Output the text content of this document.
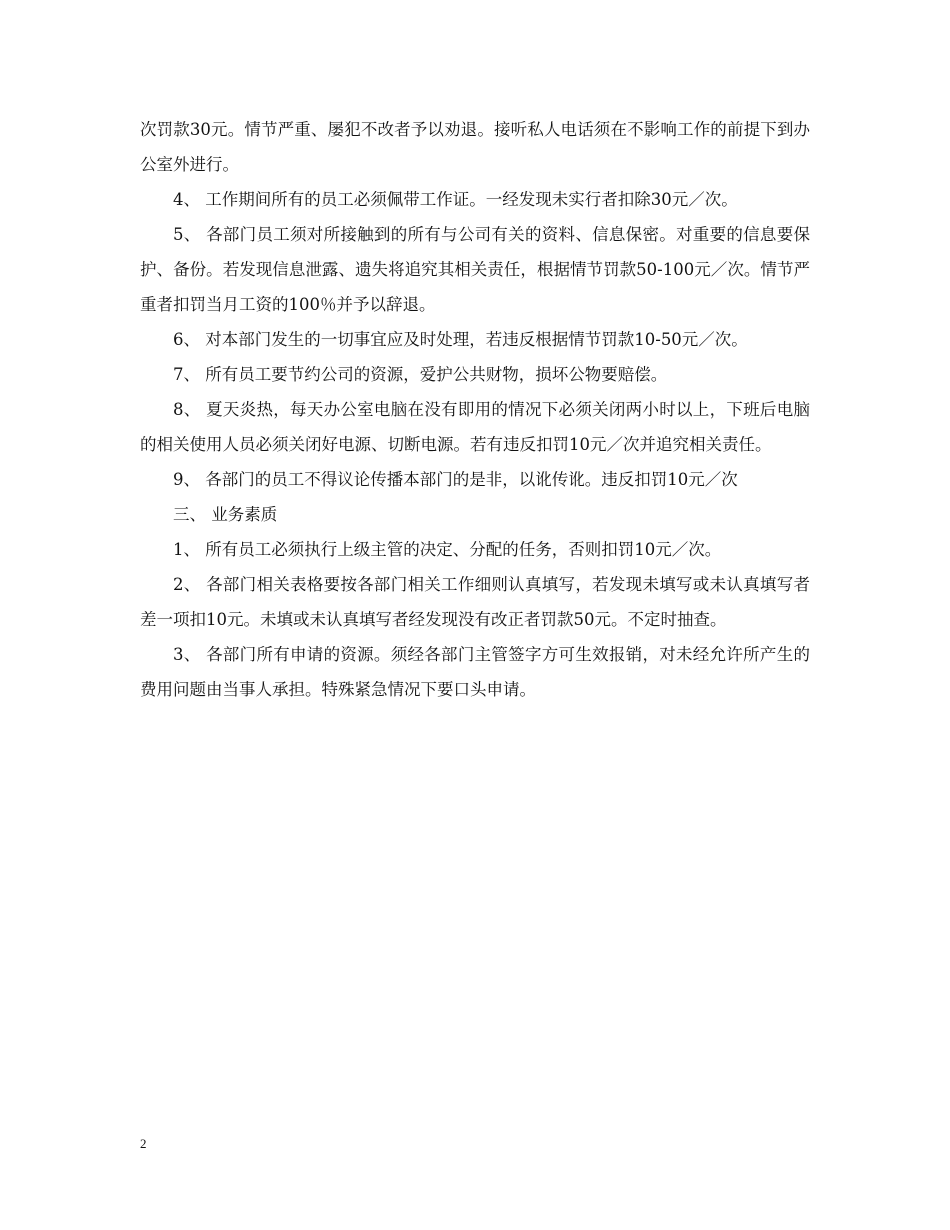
次罚款30元。情节严重、屡犯不改者予以劝退。接听私人电话须在不影响工作的前提下到办公室外进行。

4、 工作期间所有的员工必须佩带工作证。一经发现未实行者扣除30元／次。

5、 各部门员工须对所接触到的所有与公司有关的资料、信息保密。对重要的信息要保护、备份。若发现信息泄露、遗失将追究其相关责任，根据情节罚款50-100元／次。情节严重者扣罚当月工资的100％并予以辞退。

6、 对本部门发生的一切事宜应及时处理，若违反根据情节罚款10-50元／次。

7、 所有员工要节约公司的资源，爱护公共财物，损坏公物要赔偿。

8、 夏天炎热，每天办公室电脑在没有即用的情况下必须关闭两小时以上，下班后电脑的相关使用人员必须关闭好电源、切断电源。若有违反扣罚10元／次并追究相关责任。

9、 各部门的员工不得议论传播本部门的是非，以讹传讹。违反扣罚10元／次

三、 业务素质

1、 所有员工必须执行上级主管的决定、分配的任务，否则扣罚10元／次。

2、 各部门相关表格要按各部门相关工作细则认真填写，若发现未填写或未认真填写者差一项扣10元。未填或未认真填写者经发现没有改正者罚款50元。不定时抽查。

3、 各部门所有申请的资源。须经各部门主管签字方可生效报销，对未经允许所产生的费用问题由当事人承担。特殊紧急情况下要口头申请。

2
